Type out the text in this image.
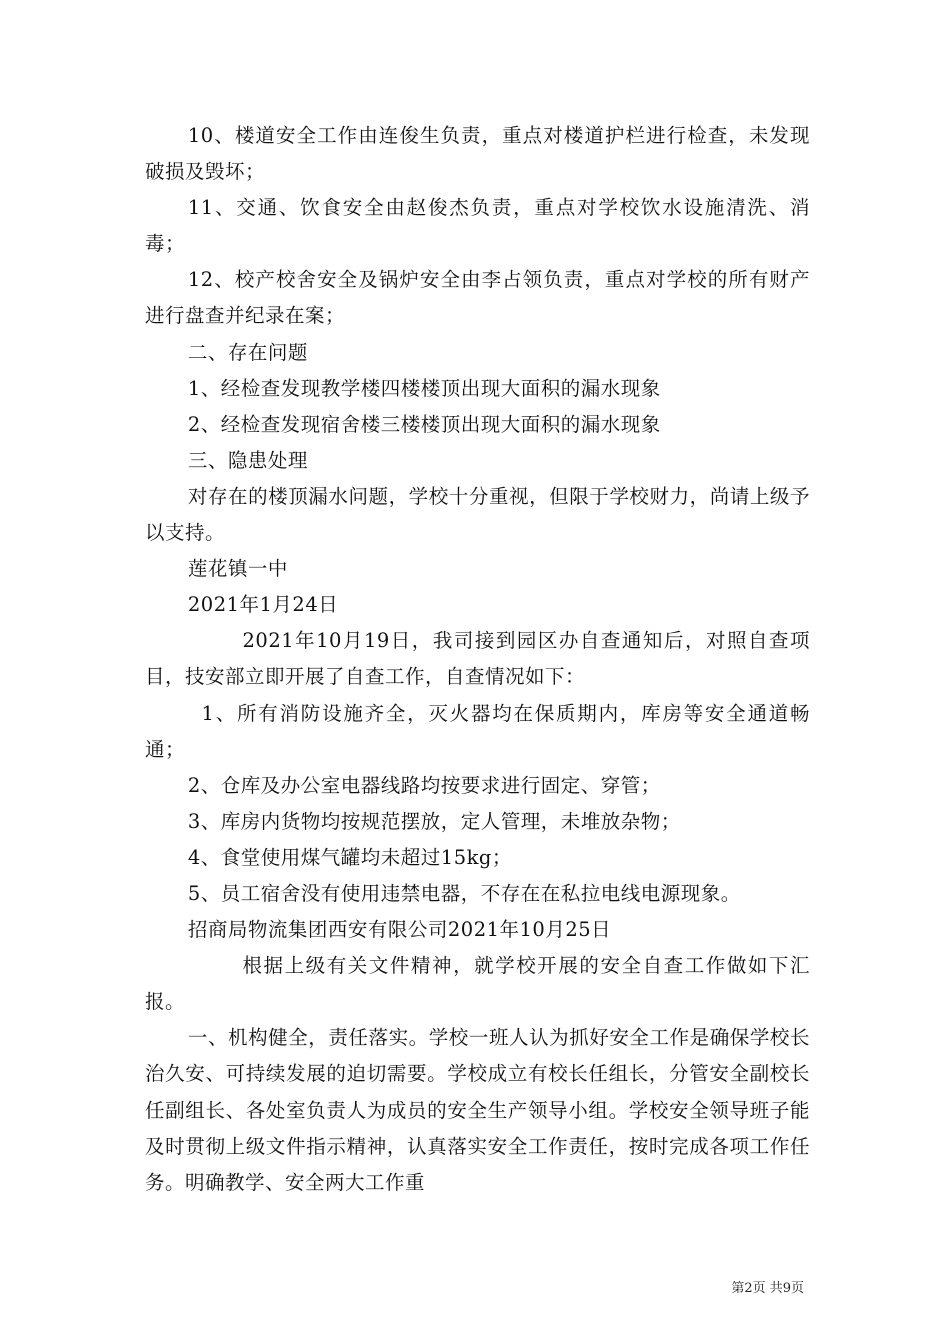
10、楼道安全工作由连俊生负责，重点对楼道护栏进行检查，未发现破损及毁坏；

11、交通、饮食安全由赵俊杰负责，重点对学校饮水设施清洗、消毒；

12、校产校舍安全及锅炉安全由李占领负责，重点对学校的所有财产进行盘查并纪录在案；

二、存在问题

1、经检查发现教学楼四楼楼顶出现大面积的漏水现象

2、经检查发现宿舍楼三楼楼顶出现大面积的漏水现象

三、隐患处理

对存在的楼顶漏水问题，学校十分重视，但限于学校财力，尚请上级予以支持。

莲花镇一中

2021年1月24日

2021年10月19日，我司接到园区办自查通知后，对照自查项目，技安部立即开展了自查工作，自查情况如下：

1、所有消防设施齐全，灭火器均在保质期内，库房等安全通道畅通；

2、仓库及办公室电器线路均按要求进行固定、穿管；

3、库房内货物均按规范摆放，定人管理，未堆放杂物；

4、食堂使用煤气罐均未超过15kg；

5、员工宿舍没有使用违禁电器，不存在在私拉电线电源现象。

招商局物流集团西安有限公司2021年10月25日

根据上级有关文件精神，就学校开展的安全自查工作做如下汇报。

一、机构健全，责任落实。学校一班人认为抓好安全工作是确保学校长治久安、可持续发展的迫切需要。学校成立有校长任组长，分管安全副校长任副组长、各处室负责人为成员的安全生产领导小组。学校安全领导班子能及时贯彻上级文件指示精神，认真落实安全工作责任，按时完成各项工作任务。明确教学、安全两大工作重

第2页 共9页
